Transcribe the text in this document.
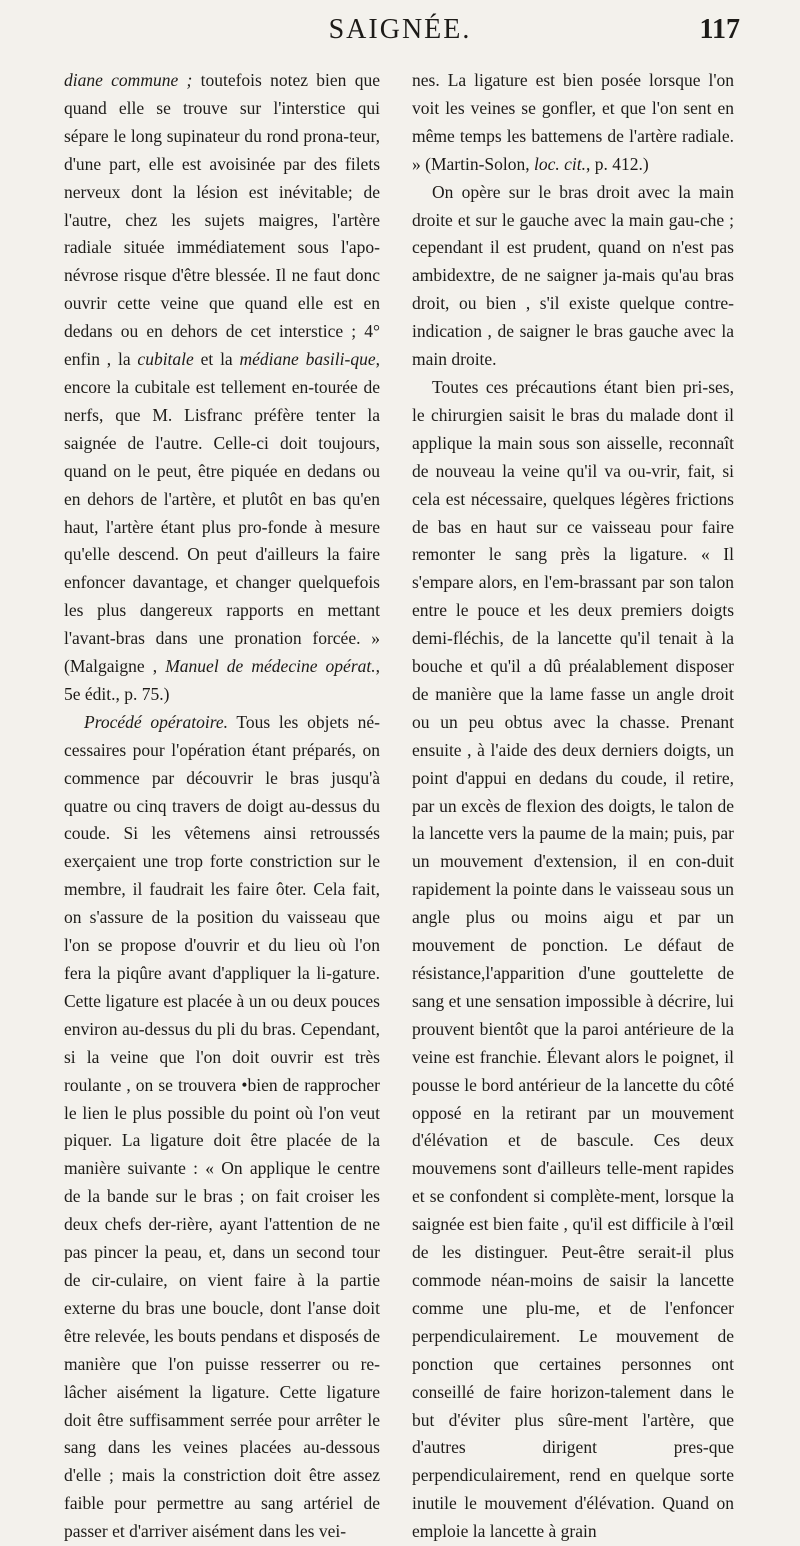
SAIGNÉE.	117

diane commune ; toutefois notez bien que quand elle se trouve sur l'interstice qui sépare le long supinateur du rond prona-teur, d'une part, elle est avoisinée par des filets nerveux dont la lésion est inévitable; de l'autre, chez les sujets maigres, l'artère radiale située immédiatement sous l'apo-névrose risque d'être blessée. Il ne faut donc ouvrir cette veine que quand elle est en dedans ou en dehors de cet interstice ; 4° enfin , la cubitale et la médiane basili-que, encore la cubitale est tellement en-tourée de nerfs, que M. Lisfranc préfère tenter la saignée de l'autre. Celle-ci doit toujours, quand on le peut, être piquée en dedans ou en dehors de l'artère, et plutôt en bas qu'en haut, l'artère étant plus pro-fonde à mesure qu'elle descend. On peut d'ailleurs la faire enfoncer davantage, et changer quelquefois les plus dangereux rapports en mettant l'avant-bras dans une pronation forcée. » (Malgaigne , Manuel de médecine opérat., 5e édit., p. 75.)

Procédé opératoire. Tous les objets né-cessaires pour l'opération étant préparés, on commence par découvrir le bras jusqu'à quatre ou cinq travers de doigt au-dessus du coude. Si les vêtemens ainsi retroussés exerçaient une trop forte constriction sur le membre, il faudrait les faire ôter. Cela fait, on s'assure de la position du vaisseau que l'on se propose d'ouvrir et du lieu où l'on fera la piqûre avant d'appliquer la li-gature. Cette ligature est placée à un ou deux pouces environ au-dessus du pli du bras. Cependant, si la veine que l'on doit ouvrir est très roulante , on se trouvera •bien de rapprocher le lien le plus possible du point où l'on veut piquer. La ligature doit être placée de la manière suivante : « On applique le centre de la bande sur le bras ; on fait croiser les deux chefs der-rière, ayant l'attention de ne pas pincer la peau, et, dans un second tour de cir-culaire, on vient faire à la partie externe du bras une boucle, dont l'anse doit être relevée, les bouts pendans et disposés de manière que l'on puisse resserrer ou re-lâcher aisément la ligature. Cette ligature doit être suffisamment serrée pour arrêter le sang dans les veines placées au-dessous d'elle ; mais la constriction doit être assez faible pour permettre au sang artériel de passer et d'arriver aisément dans les vei-

nes. La ligature est bien posée lorsque l'on voit les veines se gonfler, et que l'on sent en même temps les battemens de l'artère radiale. » (Martin-Solon, loc. cit., p. 412.)

On opère sur le bras droit avec la main droite et sur le gauche avec la main gau-che ; cependant il est prudent, quand on n'est pas ambidextre, de ne saigner ja-mais qu'au bras droit, ou bien , s'il existe quelque contre-indication , de saigner le bras gauche avec la main droite.

Toutes ces précautions étant bien pri-ses, le chirurgien saisit le bras du malade dont il applique la main sous son aisselle, reconnaît de nouveau la veine qu'il va ou-vrir, fait, si cela est nécessaire, quelques légères frictions de bas en haut sur ce vaisseau pour faire remonter le sang près la ligature. « Il s'empare alors, en l'em-brassant par son talon entre le pouce et les deux premiers doigts demi-fléchis, de la lancette qu'il tenait à la bouche et qu'il a dû préalablement disposer de manière que la lame fasse un angle droit ou un peu obtus avec la chasse. Prenant ensuite , à l'aide des deux derniers doigts, un point d'appui en dedans du coude, il retire, par un excès de flexion des doigts, le talon de la lancette vers la paume de la main; puis, par un mouvement d'extension, il en con-duit rapidement la pointe dans le vaisseau sous un angle plus ou moins aigu et par un mouvement de ponction. Le défaut de résistance,l'apparition d'une gouttelette de sang et une sensation impossible à décrire, lui prouvent bientôt que la paroi antérieure de la veine est franchie. Élevant alors le poignet, il pousse le bord antérieur de la lancette du côté opposé en la retirant par un mouvement d'élévation et de bascule. Ces deux mouvemens sont d'ailleurs telle-ment rapides et se confondent si complète-ment, lorsque la saignée est bien faite , qu'il est difficile à l'œil de les distinguer. Peut-être serait-il plus commode néan-moins de saisir la lancette comme une plu-me, et de l'enfoncer perpendiculairement. Le mouvement de ponction que certaines personnes ont conseillé de faire horizon-talement dans le but d'éviter plus sûre-ment l'artère, que d'autres dirigent pres-que perpendiculairement, rend en quelque sorte inutile le mouvement d'élévation. Quand on emploie la lancette à grain
